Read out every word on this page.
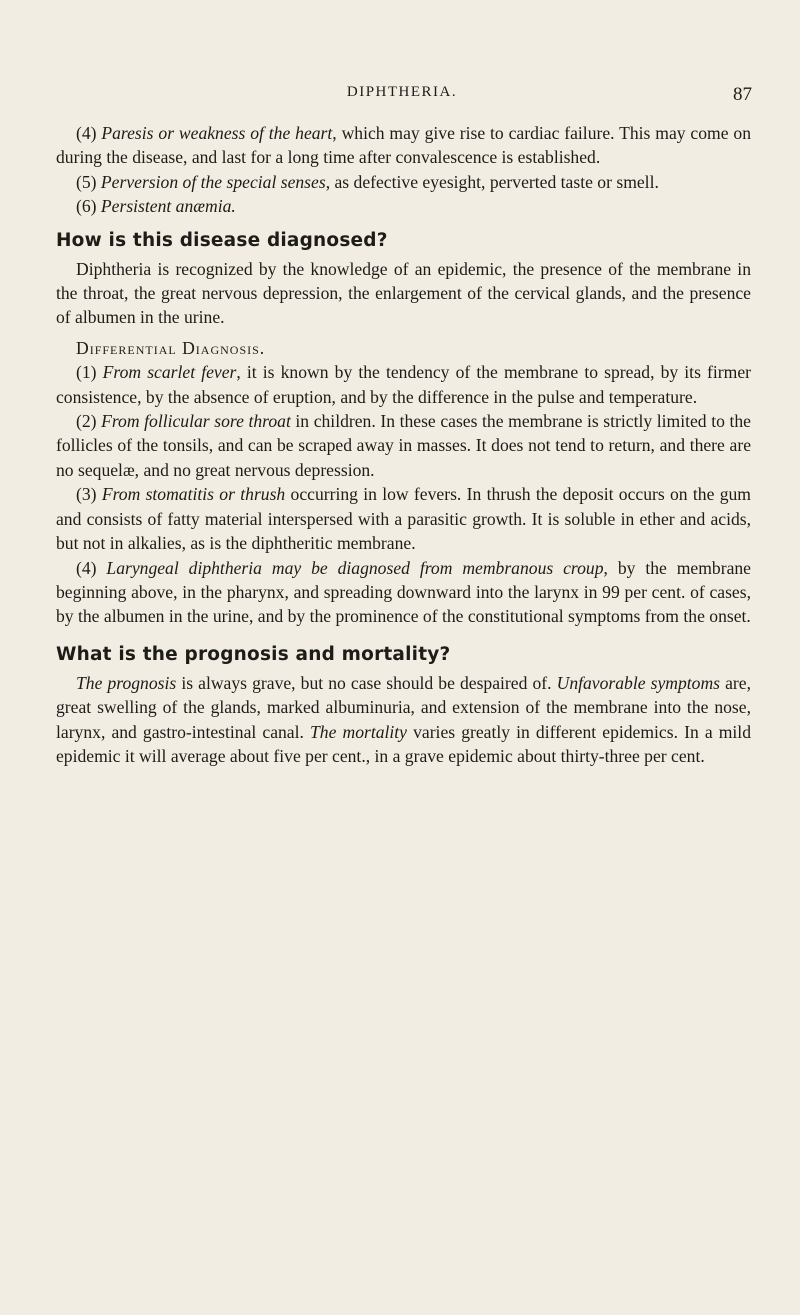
DIPHTHERIA.	87

(4) Paresis or weakness of the heart, which may give rise to cardiac failure. This may come on during the disease, and last for a long time after convalescence is established.

(5) Perversion of the special senses, as defective eyesight, perverted taste or smell.

(6) Persistent anæmia.

How is this disease diagnosed?

Diphtheria is recognized by the knowledge of an epidemic, the presence of the membrane in the throat, the great nervous depression, the enlargement of the cervical glands, and the presence of albumen in the urine.

Differential Diagnosis.

(1) From scarlet fever, it is known by the tendency of the membrane to spread, by its firmer consistence, by the absence of eruption, and by the difference in the pulse and temperature.

(2) From follicular sore throat in children. In these cases the membrane is strictly limited to the follicles of the tonsils, and can be scraped away in masses. It does not tend to return, and there are no sequelæ, and no great nervous depression.

(3) From stomatitis or thrush occurring in low fevers. In thrush the deposit occurs on the gum and consists of fatty material interspersed with a parasitic growth. It is soluble in ether and acids, but not in alkalies, as is the diphtheritic membrane.

(4) Laryngeal diphtheria may be diagnosed from membranous croup, by the membrane beginning above, in the pharynx, and spreading downward into the larynx in 99 per cent. of cases, by the albumen in the urine, and by the prominence of the constitutional symptoms from the onset.

What is the prognosis and mortality?

The prognosis is always grave, but no case should be despaired of. Unfavorable symptoms are, great swelling of the glands, marked albuminuria, and extension of the membrane into the nose, larynx, and gastro-intestinal canal. The mortality varies greatly in different epidemics. In a mild epidemic it will average about five per cent., in a grave epidemic about thirty-three per cent.
